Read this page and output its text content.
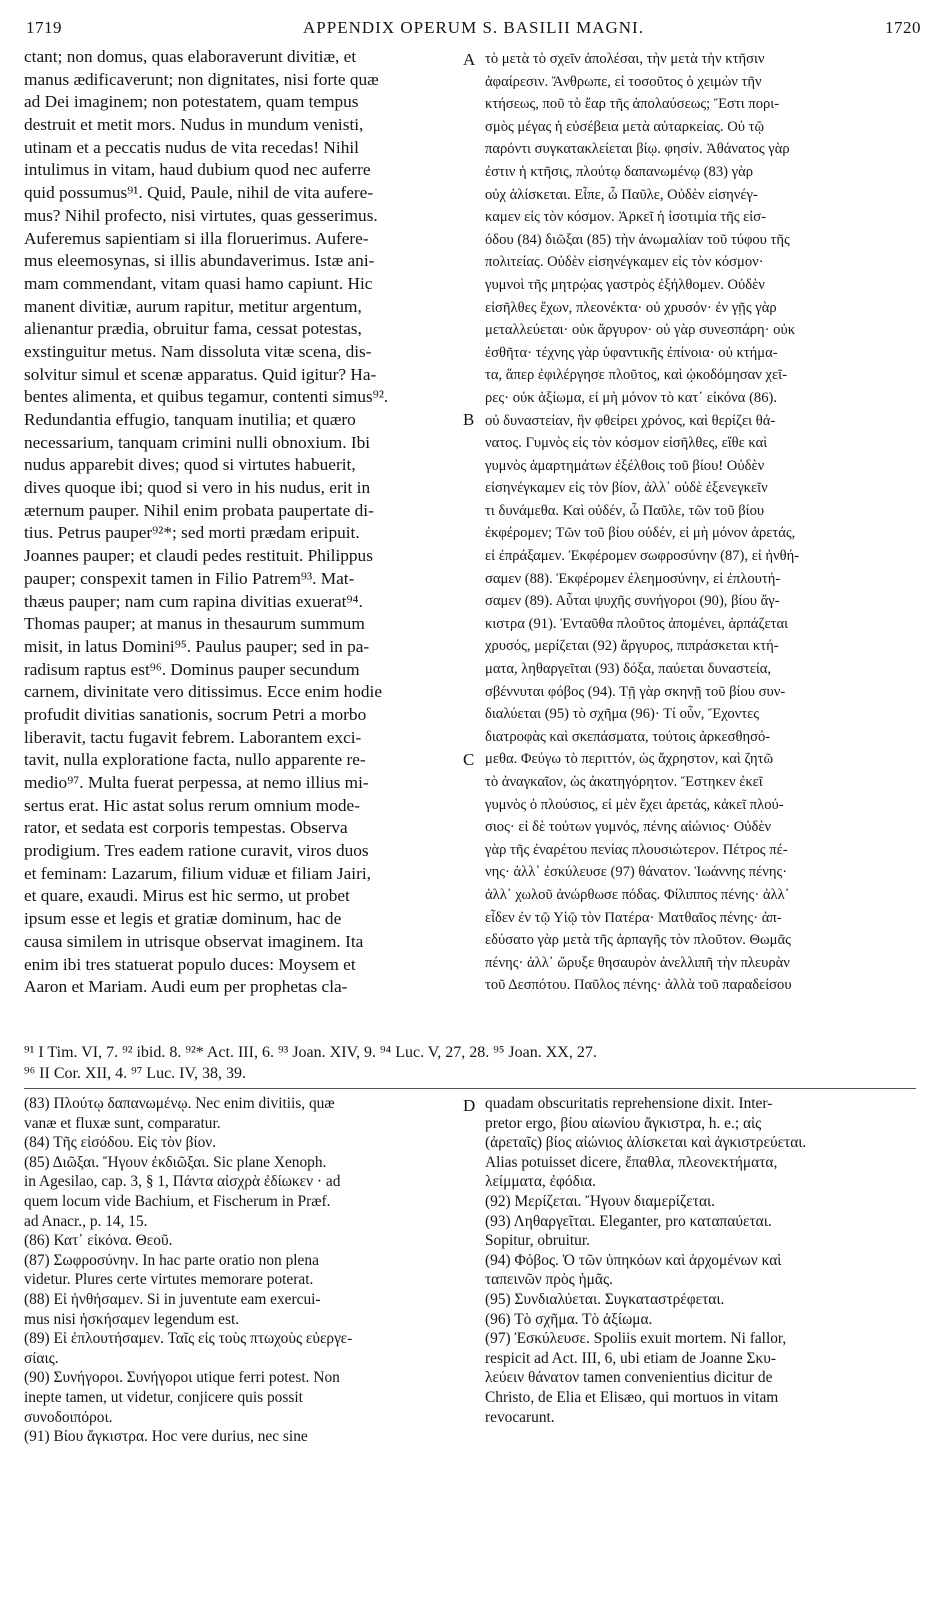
1719	APPENDIX OPERUM S. BASILII MAGNI.	1720
ctant; non domus, quas elaboraverunt divitiæ, et
manus ædificaverunt; non dignitates, nisi forte quæ
ad Dei imaginem; non potestatem, quam tempus
destruit et metit mors. Nudus in mundum venisti,
utinam et a peccatis nudus de vita recedas! Nihil
intulimus in vitam, haud dubium quod nec auferre
quid possumus⁹¹. Quid, Paule, nihil de vita aufere-
mus? Nihil profecto, nisi virtutes, quas gesserimus.
Auferemus sapientiam si illa floruerimus. Aufere-
mus eleemosynas, si illis abundaverimus. Istæ ani-
mam commendant, vitam quasi hamo capiunt. Hic
manent divitiæ, aurum rapitur, metitur argentum,
alienantur prædia, obruitur fama, cessat potestas,
exstinguitur metus. Nam dissoluta vitæ scena, dis-
solvitur simul et scenæ apparatus. Quid igitur? Ha-
bentes alimenta, et quibus tegamur, contenti simus⁹².
Redundantia effugio, tanquam inutilia; et quæro
necessarium, tanquam crimini nulli obnoxium. Ibi
nudus apparebit dives; quod si virtutes habuerit,
dives quoque ibi; quod si vero in his nudus, erit in
æternum pauper. Nihil enim probata paupertate di-
tius. Petrus pauper⁹²*; sed morti prædam eripuit.
Joannes pauper; et claudi pedes restituit. Philippus
pauper; conspexit tamen in Filio Patrem⁹³. Mat-
thæus pauper; nam cum rapina divitias exuerat⁹⁴.
Thomas pauper; at manus in thesaurum summum
misit, in latus Domini⁹⁵. Paulus pauper; sed in pa-
radisum raptus est⁹⁶. Dominus pauper secundum
carnem, divinitate vero ditissimus. Ecce enim hodie
profudit divitias sanationis, socrum Petri a morbo
liberavit, tactu fugavit febrem. Laborantem exci-
tavit, nulla exploratione facta, nullo apparente re-
medio⁹⁷. Multa fuerat perpessa, at nemo illius mi-
sertus erat. Hic astat solus rerum omnium mode-
rator, et sedata est corporis tempestas. Observa
prodigium. Tres eadem ratione curavit, viros duos
et feminam: Lazarum, filium viduæ et filiam Jairi,
et quare, exaudi. Mirus est hic sermo, ut probet
ipsum esse et legis et gratiæ dominum, hac de
causa similem in utrisque observat imaginem. Ita
enim ibi tres statuerat populo duces: Moysem et
Aaron et Mariam. Audi eum per prophetas cla-
τὸ μετὰ τὸ σχεῖν ἀπολέσαι, τὴν μετὰ τὴν κτῆσιν
ἀφαίρεσιν. Ἄνθρωπε, εἰ τοσοῦτος ὁ χειμὼν τῆν
κτήσεως, ποῦ τὸ ἔαρ τῆς ἀπολαύσεως; Ἔστι πορι-
σμὸς μέγας ἡ εὐσέβεια μετὰ αὐταρκείας. Οὐ τῷ
παρόντι συγκατακλείεται βίῳ. φησίν. Ἀθάνατος γὰρ
ἐστιν ἡ κτῆσις, πλούτῳ δαπανωμένῳ (83) γὰρ
οὐχ ἁλίσκεται. Εἶπε, ὦ Παῦλε, Οὐδὲν εἰσηνέγ-
καμεν εἰς τὸν κόσμον. Ἀρκεῖ ἡ ἰσοτιμία τῆς εἰσ-
όδου (84) διῶξαι (85) τὴν ἀνωμαλίαν τοῦ τύφου τῆς
πολιτείας. Οὐδὲν εἰσηνέγκαμεν εἰς τὸν κόσμον·
γυμνοὶ τῆς μητρῴας γαστρὸς ἐξήλθομεν. Οὐδὲν
εἰσῆλθες ἔχων, πλεονέκτα· οὐ χρυσόν· ἐν γῇς γὰρ
μεταλλεύεται· οὐκ ἄργυρον· οὐ γὰρ συνεσπάρη· οὐκ
ἐσθῆτα· τέχνης γὰρ ὑφαντικῆς ἐπίνοια· οὐ κτήμα-
τα, ἅπερ ἐφιλέργησε πλοῦτος, καὶ ᾠκοδόμησαν χεῖ-
ρες· οὐκ ἀξίωμα, εἰ μὴ μόνον τὸ κατ᾽ εἰκόνα (86).
οὐ δυναστείαν, ἣν φθείρει χρόνος, καὶ θερίζει θά-
νατος. Γυμνὸς εἰς τὸν κόσμον εἰσῆλθες, εἴθε καὶ
γυμνὸς ἁμαρτημάτων ἐξέλθοις τοῦ βίου! Οὐδὲν
εἰσηνέγκαμεν εἰς τὸν βίον, ἀλλ᾽ οὐδὲ ἐξενεγκεῖν
τι δυνάμεθα. Καὶ οὐδέν, ὦ Παῦλε, τῶν τοῦ βίου
ἐκφέρομεν; Τῶν τοῦ βίου οὐδέν, εἰ μὴ μόνον ἀρετάς,
εἰ ἐπράξαμεν. Ἐκφέρομεν σωφροσύνην (87), εἰ ἠνθή-
σαμεν (88). Ἐκφέρομεν ἐλεημοσύνην, εἰ ἐπλουτή-
σαμεν (89). Αὗται ψυχῆς συνήγοροι (90), βίου ἄγ-
κιστρα (91). Ἐνταῦθα πλοῦτος ἀπομένει, ἁρπάζεται
χρυσός, μερίζεται (92) ἄργυρος, πιπράσκεται κτή-
ματα, ληθαργεῖται (93) δόξα, παύεται δυναστεία,
σβέννυται φόβος (94). Τῇ γὰρ σκηνῇ τοῦ βίου συν-
διαλύεται (95) τὸ σχῆμα (96)· Τί οὖν, Ἔχοντες
διατροφὰς καὶ σκεπάσματα, τούτοις ἀρκεσθησό-
μεθα. Φεύγω τὸ περιττόν, ὡς ἄχρηστον, καὶ ζητῶ
τὸ ἀναγκαῖον, ὡς ἀκατηγόρητον. Ἔστηκεν ἐκεῖ
γυμνὸς ὁ πλούσιος, εἰ μὲν ἔχει ἀρετάς, κἀκεῖ πλού-
σιος· εἰ δὲ τούτων γυμνός, πένης αἰώνιος· Οὐδὲν
γὰρ τῆς ἐναρέτου πενίας πλουσιώτερον. Πέτρος πέ-
νης· ἀλλ᾽ ἐσκύλευσε (97) θάνατον. Ἰωάννης πένης·
ἀλλ᾽ χωλοῦ ἀνώρθωσε πόδας. Φίλιππος πένης· ἀλλ᾽
εἶδεν ἐν τῷ Υἱῷ τὸν Πατέρα· Ματθαῖος πένης· ἀπ-
εδύσατο γὰρ μετὰ τῆς ἁρπαγῆς τὸν πλοῦτον. Θωμᾶς
πένης· ἀλλ᾽ ὤρυξε θησαυρὸν ἀνελλιπῆ τὴν πλευρὰν
τοῦ Δεσπότου. Παῦλος πένης· ἀλλὰ τοῦ παραδείσου
A
B
C
D
⁹¹ I Tim. VI, 7. ⁹² ibid. 8. ⁹²* Act. III, 6. ⁹³ Joan. XIV, 9. ⁹⁴ Luc. V, 27, 28. ⁹⁵ Joan. XX, 27.
⁹⁶ II Cor. XII, 4. ⁹⁷ Luc. IV, 38, 39.
(83) Πλούτῳ δαπανωμένῳ. Nec enim divitiis, quæ
vanæ et fluxæ sunt, comparatur.
(84) Τῆς εἰσόδου. Εἰς τὸν βίον.
(85) Διῶξαι. Ἤγουν ἐκδιῶξαι. Sic plane Xenoph.
in Agesilao, cap. 3, § 1, Πάντα αἰσχρὰ ἐδίωκεν · ad
quem locum vide Bachium, et Fischerum in Præf.
ad Anacr., p. 14, 15.
(86) Κατ᾽ εἰκόνα. Θεοῦ.
(87) Σωφροσύνην. In hac parte oratio non plena
videtur. Plures certe virtutes memorare poterat.
(88) Εἰ ἠνθήσαμεν. Si in juventute eam exercui-
mus nisi ἠσκήσαμεν legendum est.
(89) Εἰ ἐπλουτήσαμεν. Ταῖς εἰς τοὺς πτωχοὺς εὐεργε-
σίαις.
(90) Συνήγοροι. Συνήγοροι utique ferri potest. Non
inepte tamen, ut videtur, conjicere quis possit
συνοδοιπόροι.
(91) Βίου ἄγκιστρα. Hoc vere durius, nec sine
quadam obscuritatis reprehensione dixit. Inter-
pretor ergo, βίου αἰωνίου ἄγκιστρα, h. e.; αἱς
(ἀρεταῖς) βίος αἰώνιος ἁλίσκεται καὶ ἀγκιστρεύεται.
Alias potuisset dicere, ἔπαθλα, πλεονεκτήματα,
λείμματα, ἐφόδια.
(92) Μερίζεται. Ἤγουν διαμερίζεται.
(93) Ληθαργεῖται. Eleganter, pro καταπαύεται.
Sopitur, obruitur.
(94) Φόβος. Ὁ τῶν ὑπηκόων καὶ ἀρχομένων καὶ
ταπεινῶν πρὸς ἡμᾶς.
(95) Συνδιαλύεται. Συγκαταστρέφεται.
(96) Τὸ σχῆμα. Τὸ ἀξίωμα.
(97) Ἐσκύλευσε. Spoliis exuit mortem. Ni fallor,
respicit ad Act. III, 6, ubi etiam de Joanne Σκυ-
λεύειν θάνατον tamen convenientius dicitur de
Christo, de Elia et Elisæo, qui mortuos in vitam
revocarunt.
